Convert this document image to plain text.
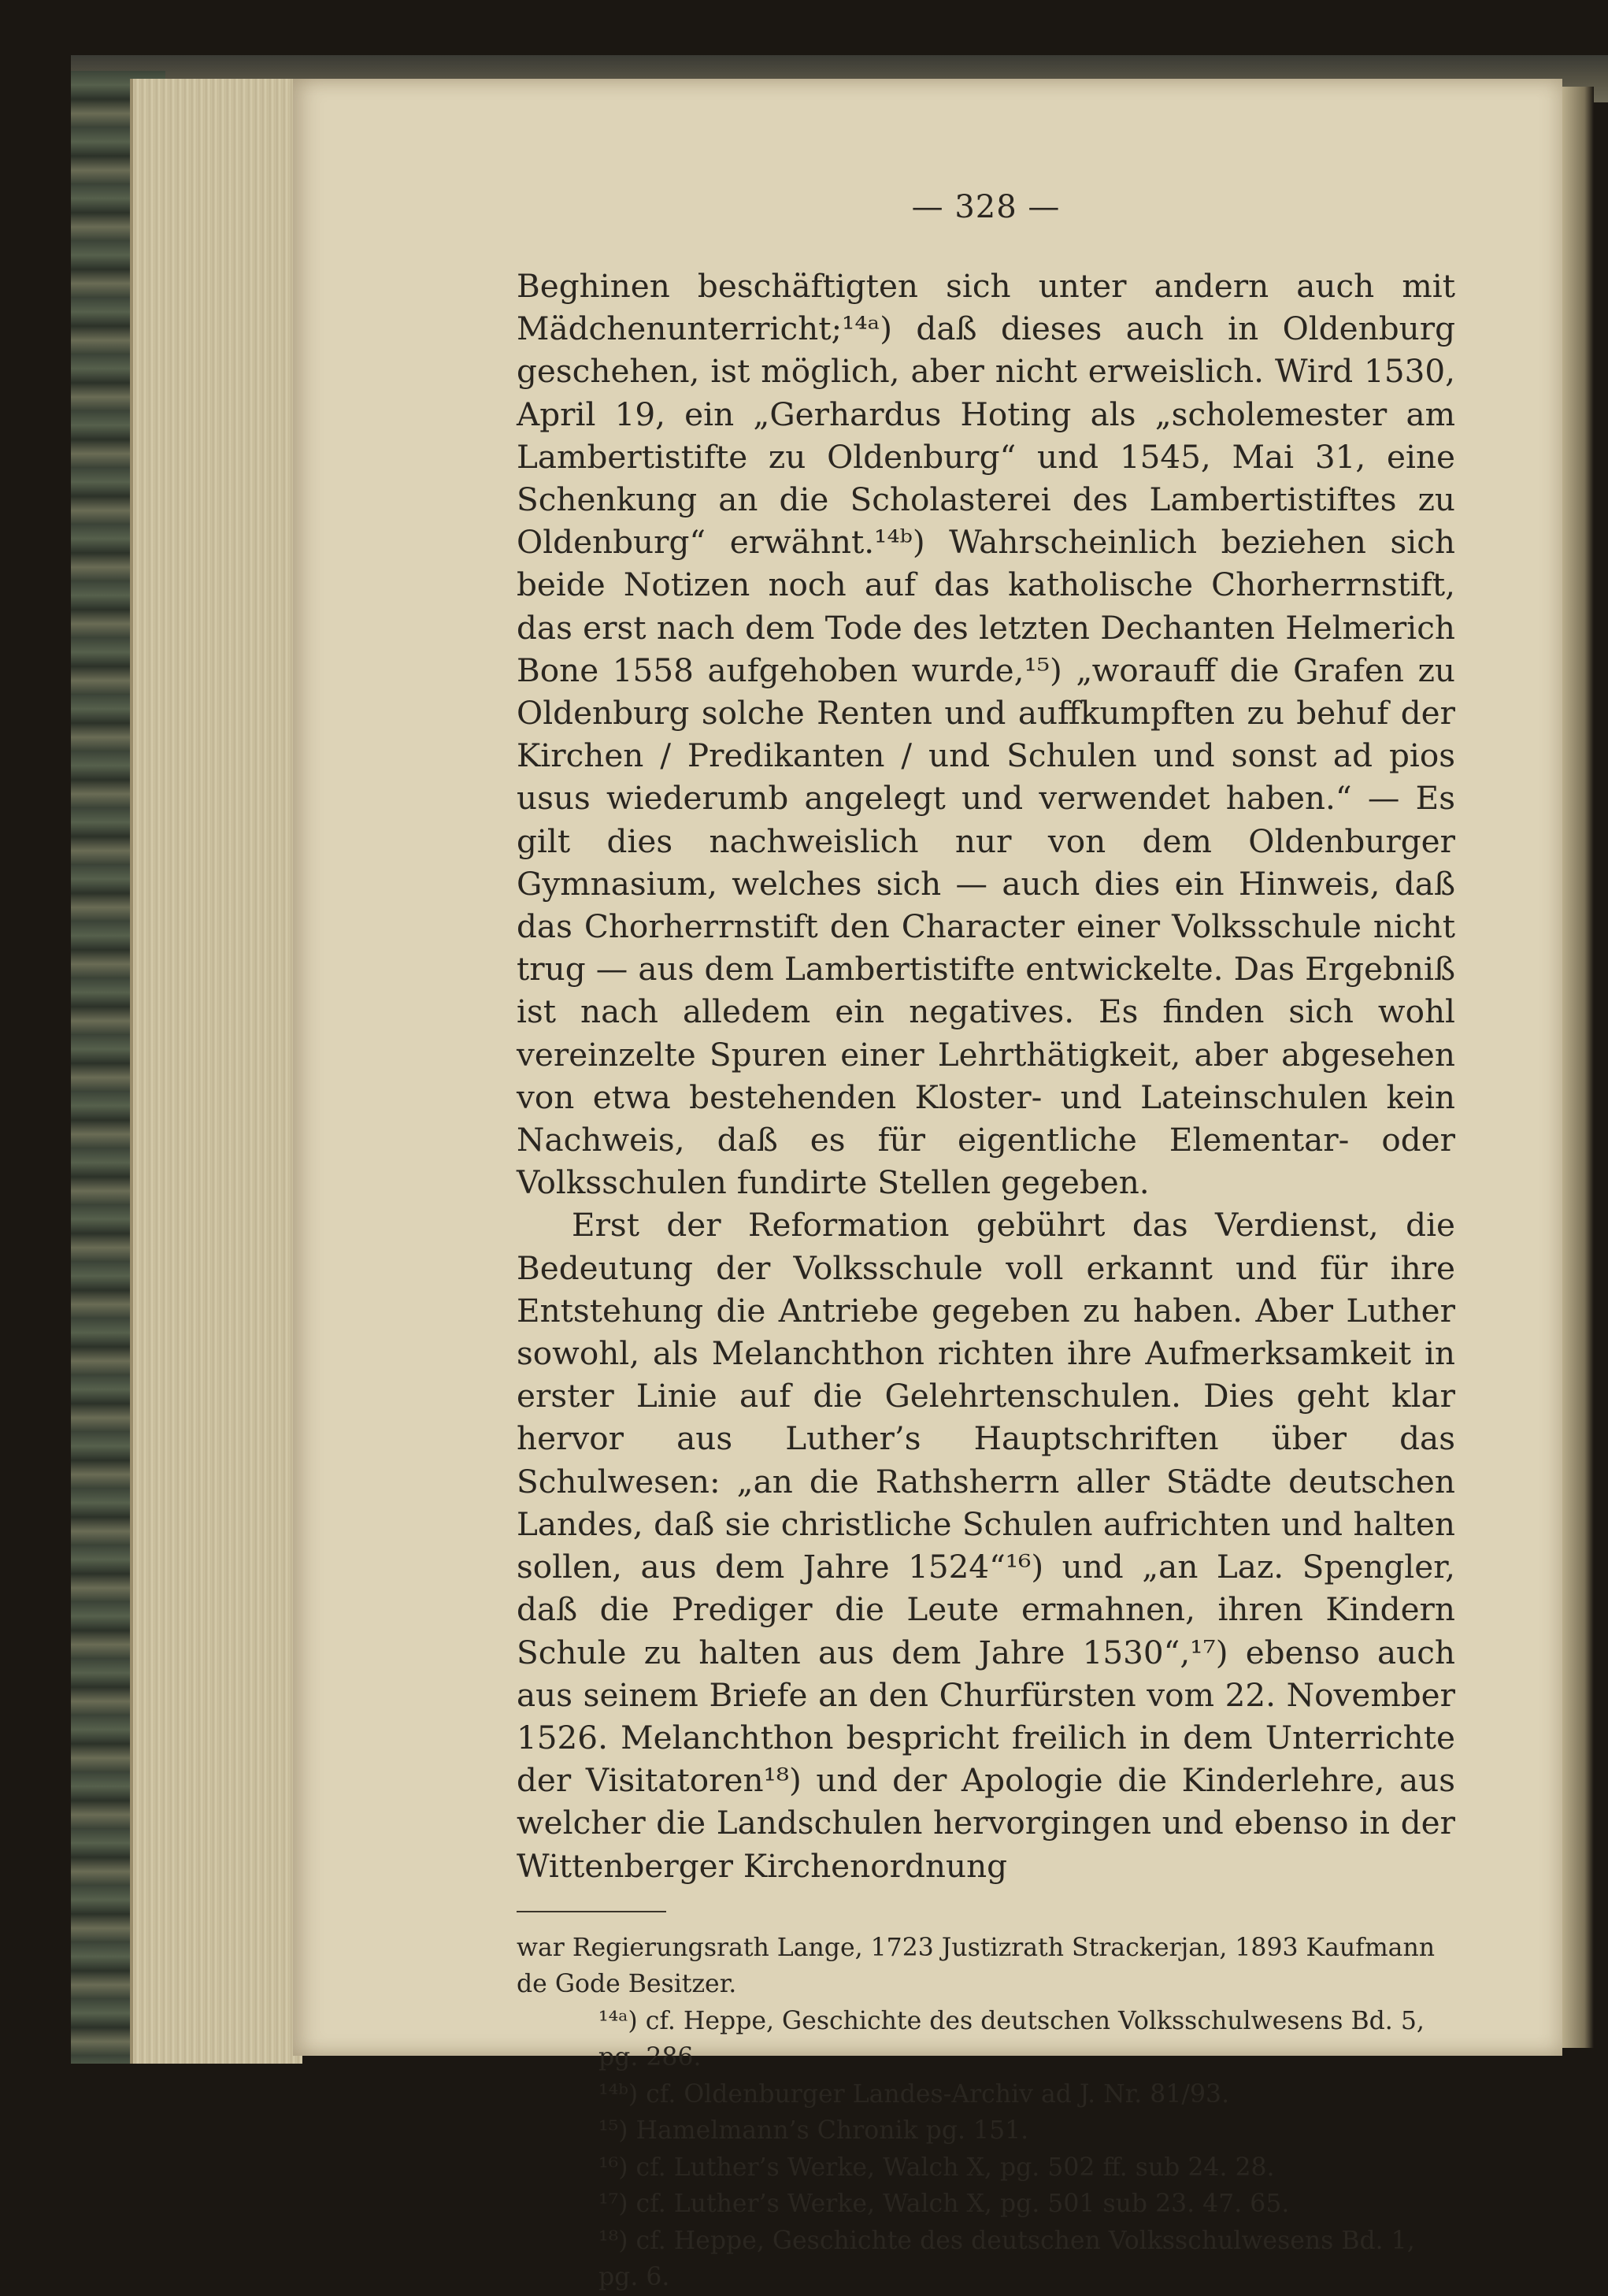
— 328 —

Beghinen beschäftigten sich unter andern auch mit Mädchenunterricht;¹⁴ᵃ) daß dieses auch in Oldenburg geschehen, ist möglich, aber nicht erweislich. Wird 1530, April 19, ein „Gerhardus Hoting als „scholemester am Lambertistifte zu Oldenburg“ und 1545, Mai 31, eine Schenkung an die Scholasterei des Lambertistiftes zu Oldenburg“ erwähnt.¹⁴ᵇ) Wahrscheinlich beziehen sich beide Notizen noch auf das katholische Chorherrnstift, das erst nach dem Tode des letzten Dechanten Helmerich Bone 1558 aufgehoben wurde,¹⁵) „worauff die Grafen zu Oldenburg solche Renten und auffkumpften zu behuf der Kirchen / Predikanten / und Schulen und sonst ad pios usus wiederumb angelegt und verwendet haben.“ — Es gilt dies nachweislich nur von dem Oldenburger Gymnasium, welches sich — auch dies ein Hinweis, daß das Chorherrnstift den Character einer Volksschule nicht trug — aus dem Lambertistifte entwickelte. Das Ergebniß ist nach alledem ein negatives. Es finden sich wohl vereinzelte Spuren einer Lehrthätigkeit, aber abgesehen von etwa bestehenden Kloster- und Lateinschulen kein Nachweis, daß es für eigentliche Elementar- oder Volksschulen fundirte Stellen gegeben.

Erst der Reformation gebührt das Verdienst, die Bedeutung der Volksschule voll erkannt und für ihre Entstehung die Antriebe gegeben zu haben. Aber Luther sowohl, als Melanchthon richten ihre Aufmerksamkeit in erster Linie auf die Gelehrtenschulen. Dies geht klar hervor aus Luther’s Hauptschriften über das Schulwesen: „an die Rathsherrn aller Städte deutschen Landes, daß sie christliche Schulen aufrichten und halten sollen, aus dem Jahre 1524“¹⁶) und „an Laz. Spengler, daß die Prediger die Leute ermahnen, ihren Kindern Schule zu halten aus dem Jahre 1530“,¹⁷) ebenso auch aus seinem Briefe an den Churfürsten vom 22. November 1526. Melanchthon bespricht freilich in dem Unterrichte der Visitatoren¹⁸) und der Apologie die Kinderlehre, aus welcher die Landschulen hervorgingen und ebenso in der Wittenberger Kirchenordnung

war Regierungsrath Lange, 1723 Justizrath Strackerjan, 1893 Kaufmann de Gode Besitzer.

¹⁴ᵃ) cf. Heppe, Geschichte des deutschen Volksschulwesens Bd. 5, pg. 286.

¹⁴ᵇ) cf. Oldenburger Landes-Archiv ad J. Nr. 81/93.

¹⁵) Hamelmann’s Chronik pg. 151.

¹⁶) cf. Luther’s Werke, Walch X, pg. 502 ff. sub 24. 28.

¹⁷) cf. Luther’s Werke, Walch X, pg. 501 sub 23. 47. 65.

¹⁸) cf. Heppe, Geschichte des deutschen Volksschulwesens Bd. 1, pg. 6.
